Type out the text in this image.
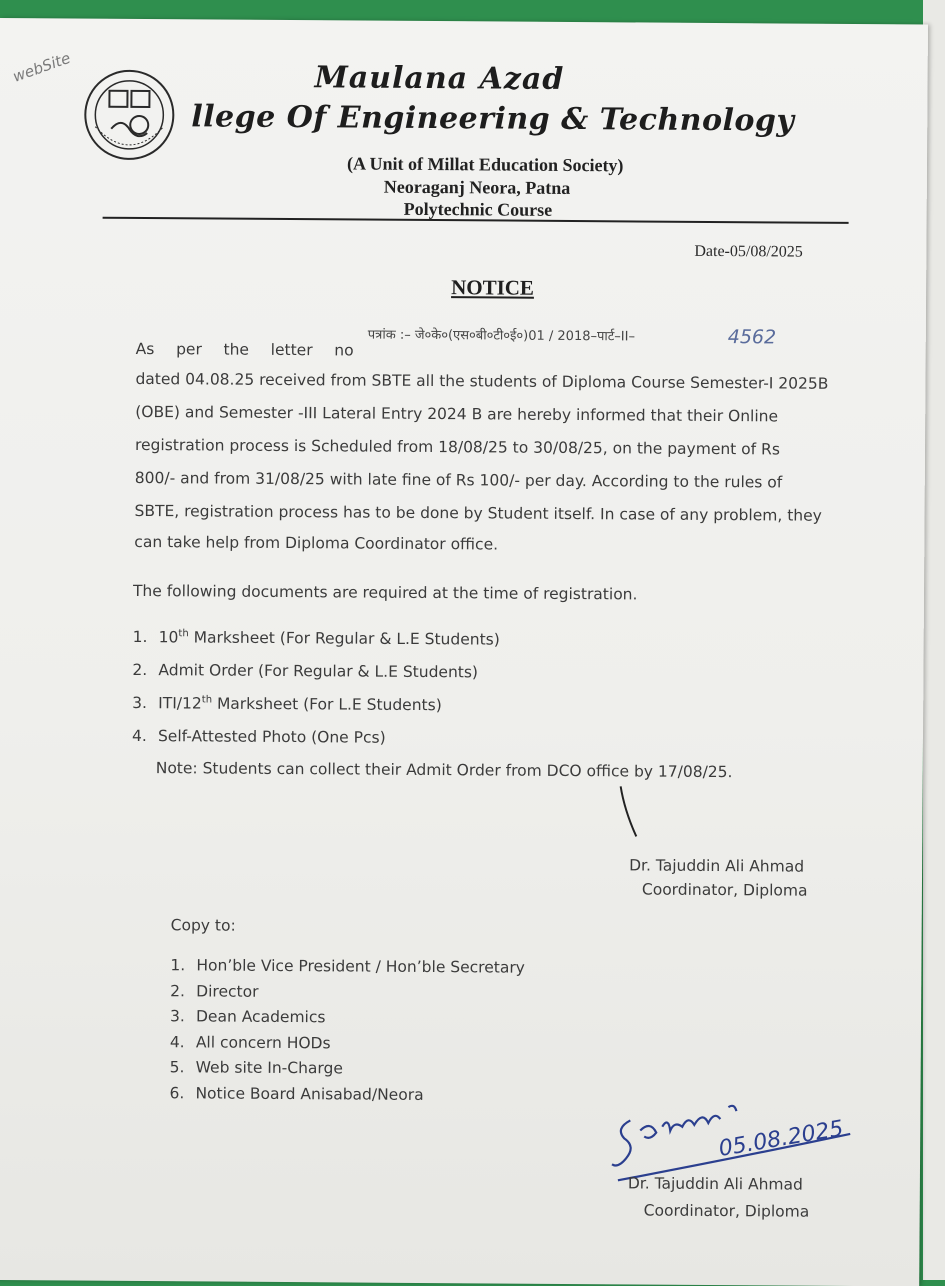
webSite	Maulana Azad
llege Of Engineering & Technology
(A Unit of Millat Education Society)
Neoraganj Neora, Patna
Polytechnic Course
Date-05/08/2025
NOTICE
पत्रांक :– जे०के०(एस०बी०टी०ई०)01 / 2018–पार्ट–II–	4562
As per the letter no
dated 04.08.25 received from SBTE all the students of Diploma Course Semester-I 2025B
(OBE) and Semester -III Lateral Entry 2024 B are hereby informed that their Online
registration process is Scheduled from 18/08/25 to 30/08/25, on the payment of Rs
800/- and from 31/08/25 with late fine of Rs 100/- per day. According to the rules of
SBTE, registration process has to be done by Student itself. In case of any problem, they
can take help from Diploma Coordinator office.
The following documents are required at the time of registration.
1. 10th Marksheet (For Regular & L.E Students)
2. Admit Order (For Regular & L.E Students)
3. ITI/12th Marksheet (For L.E Students)
4. Self-Attested Photo (One Pcs)
Note: Students can collect their Admit Order from DCO office by 17/08/25.
Dr. Tajuddin Ali Ahmad
Coordinator, Diploma
Copy to:
1. Hon’ble Vice President / Hon’ble Secretary
2. Director
3. Dean Academics
4. All concern HODs
5. Web site In-Charge
6. Notice Board Anisabad/Neora
05.08.2025
Dr. Tajuddin Ali Ahmad
Coordinator, Diploma
